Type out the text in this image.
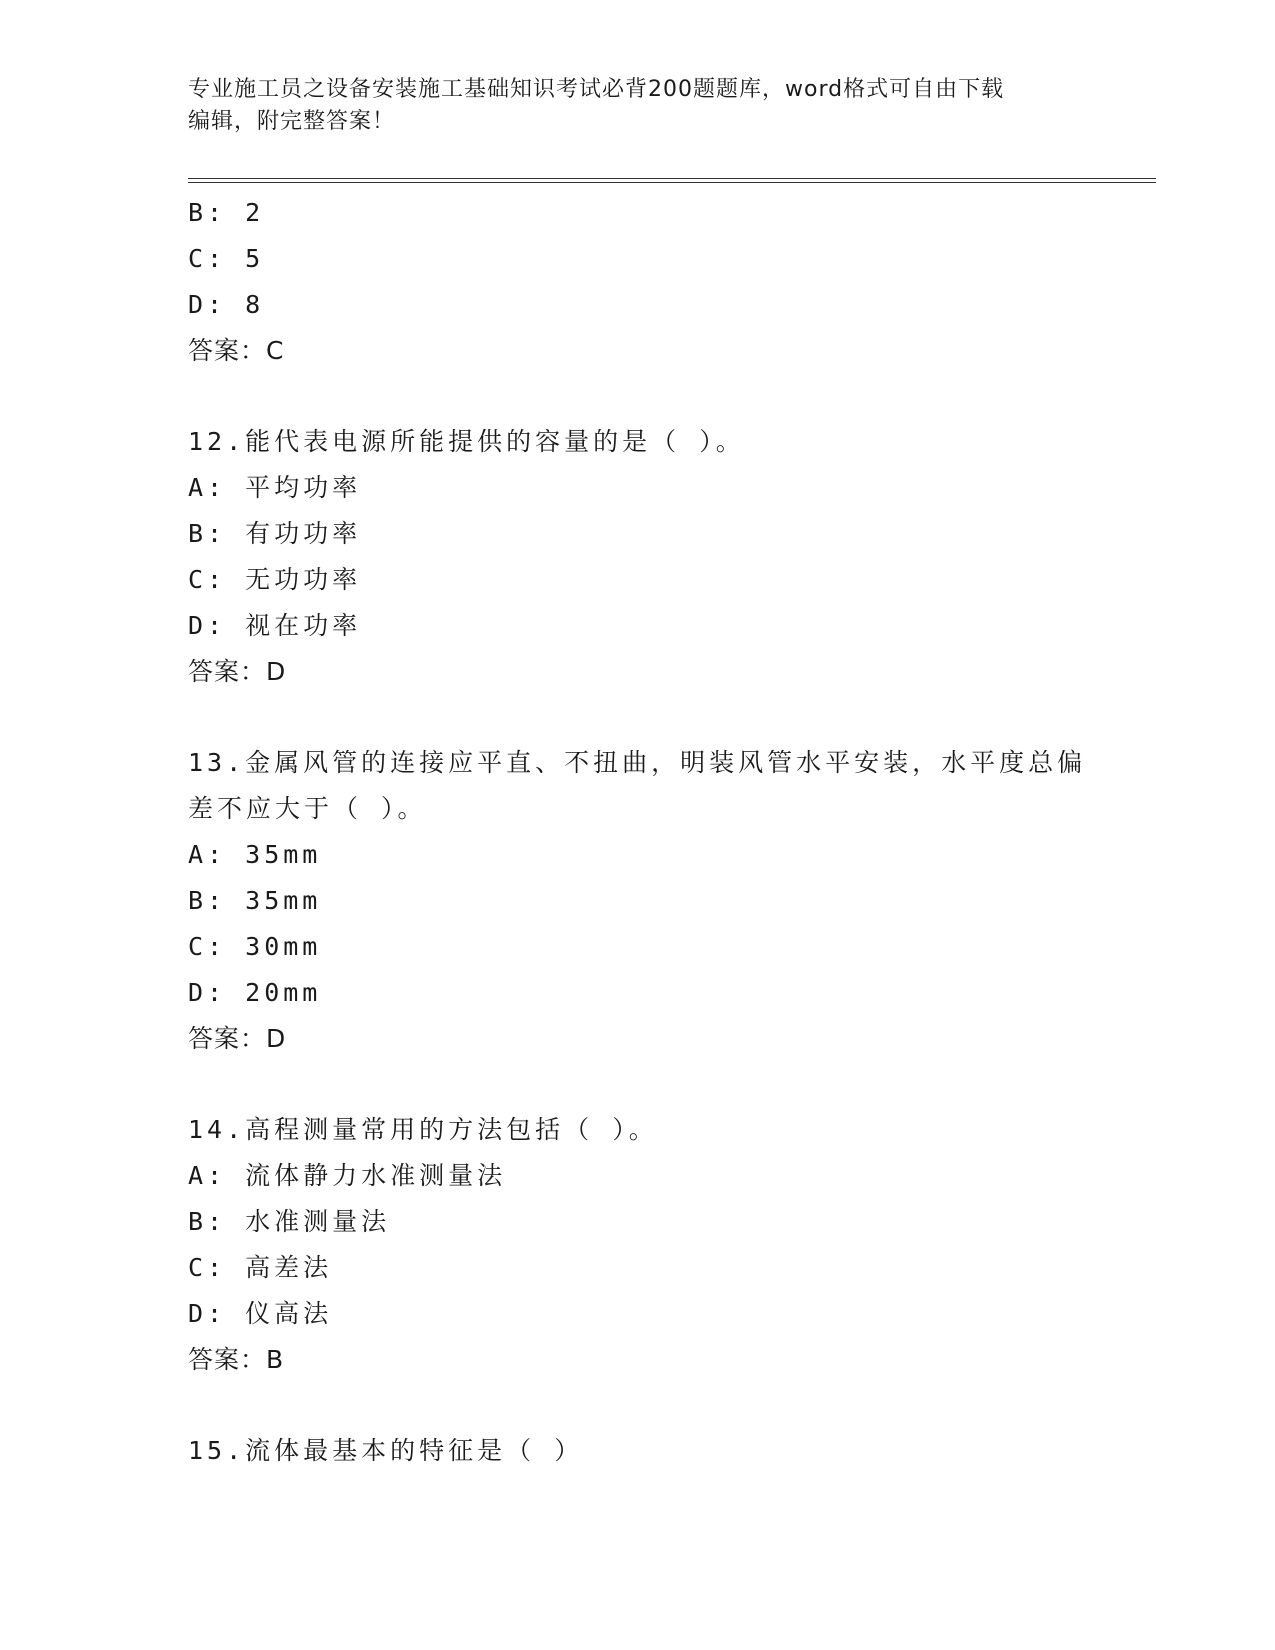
专业施工员之设备安装施工基础知识考试必背200题题库，word格式可自由下载
编辑，附完整答案！
B: 2
C: 5
D: 8
答案：C
12.能代表电源所能提供的容量的是（ ）。
A: 平均功率
B: 有功功率
C: 无功功率
D: 视在功率
答案：D
13.金属风管的连接应平直、不扭曲，明装风管水平安装，水平度总偏
差不应大于（ ）。
A: 35mm
B: 35mm
C: 30mm
D: 20mm
答案：D
14.高程测量常用的方法包括（ ）。
A: 流体静力水准测量法
B: 水准测量法
C: 高差法
D: 仪高法
答案：B
15.流体最基本的特征是（ ）
